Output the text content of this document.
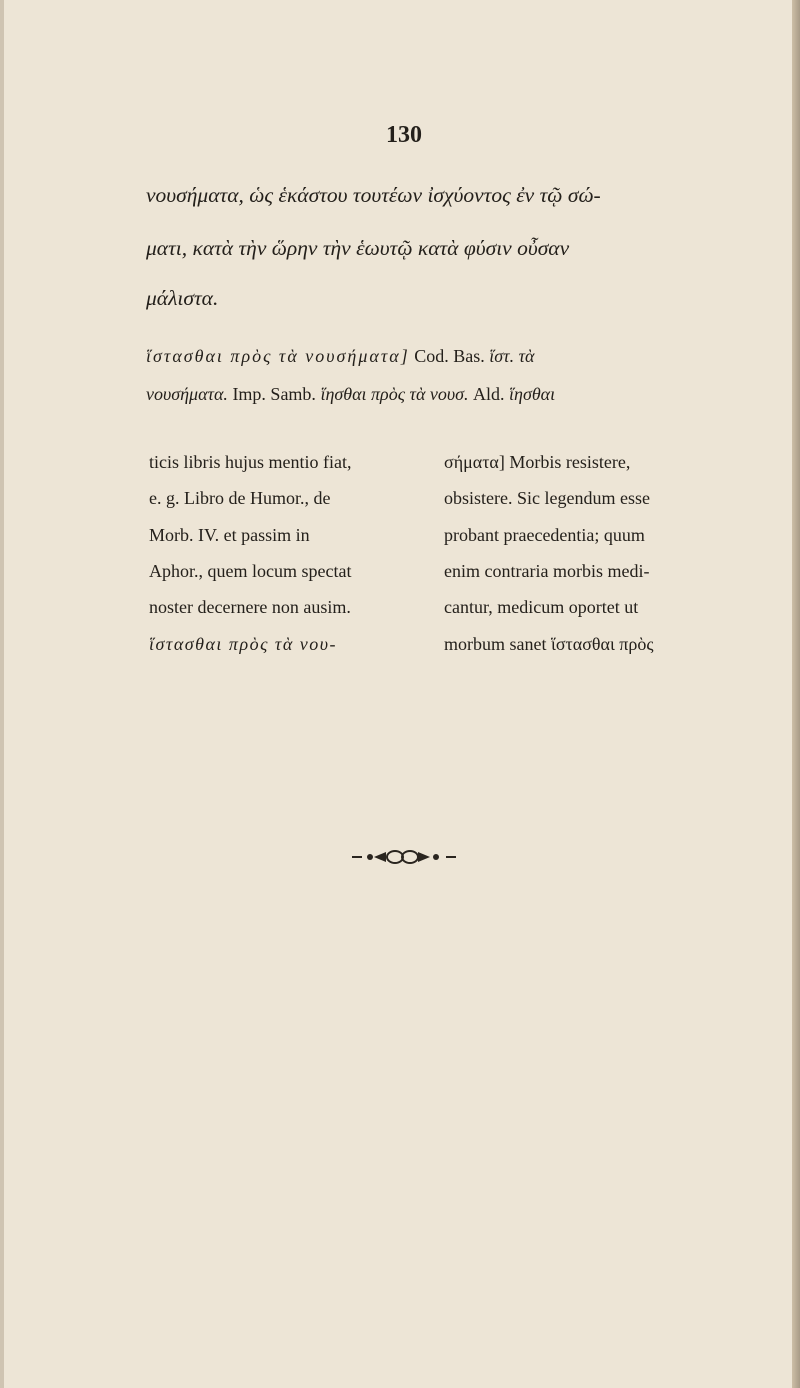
130
νουσήματα, ὡς ἑκάστου τουτέων ἰσχύοντος ἐν τῷ σώ-
ματι, κατὰ τὴν ὥρην τὴν ἑωυτῷ κατὰ φύσιν οὖσαν
μάλιστα.
ἵστασθαι πρὸς τὰ νουσήματα] Cod. Bas. ἵστ. τὰ
νουσήματα. Imp. Samb. ἵησθαι πρὸς τὰ νουσ. Ald. ἵησθαι
ticis libris hujus mentio fiat,
e. g. Libro de Humor., de
Morb. IV. et passim in
Aphor., quem locum spectat
noster decernere non ausim.
ἵστασθαι πρὸς τὰ νου-
σήματα] Morbis resistere,
obsistere. Sic legendum esse
probant praecedentia; quum
enim contraria morbis medi-
cantur, medicum oportet ut
morbum sanet ἵστασθαι πρὸς
